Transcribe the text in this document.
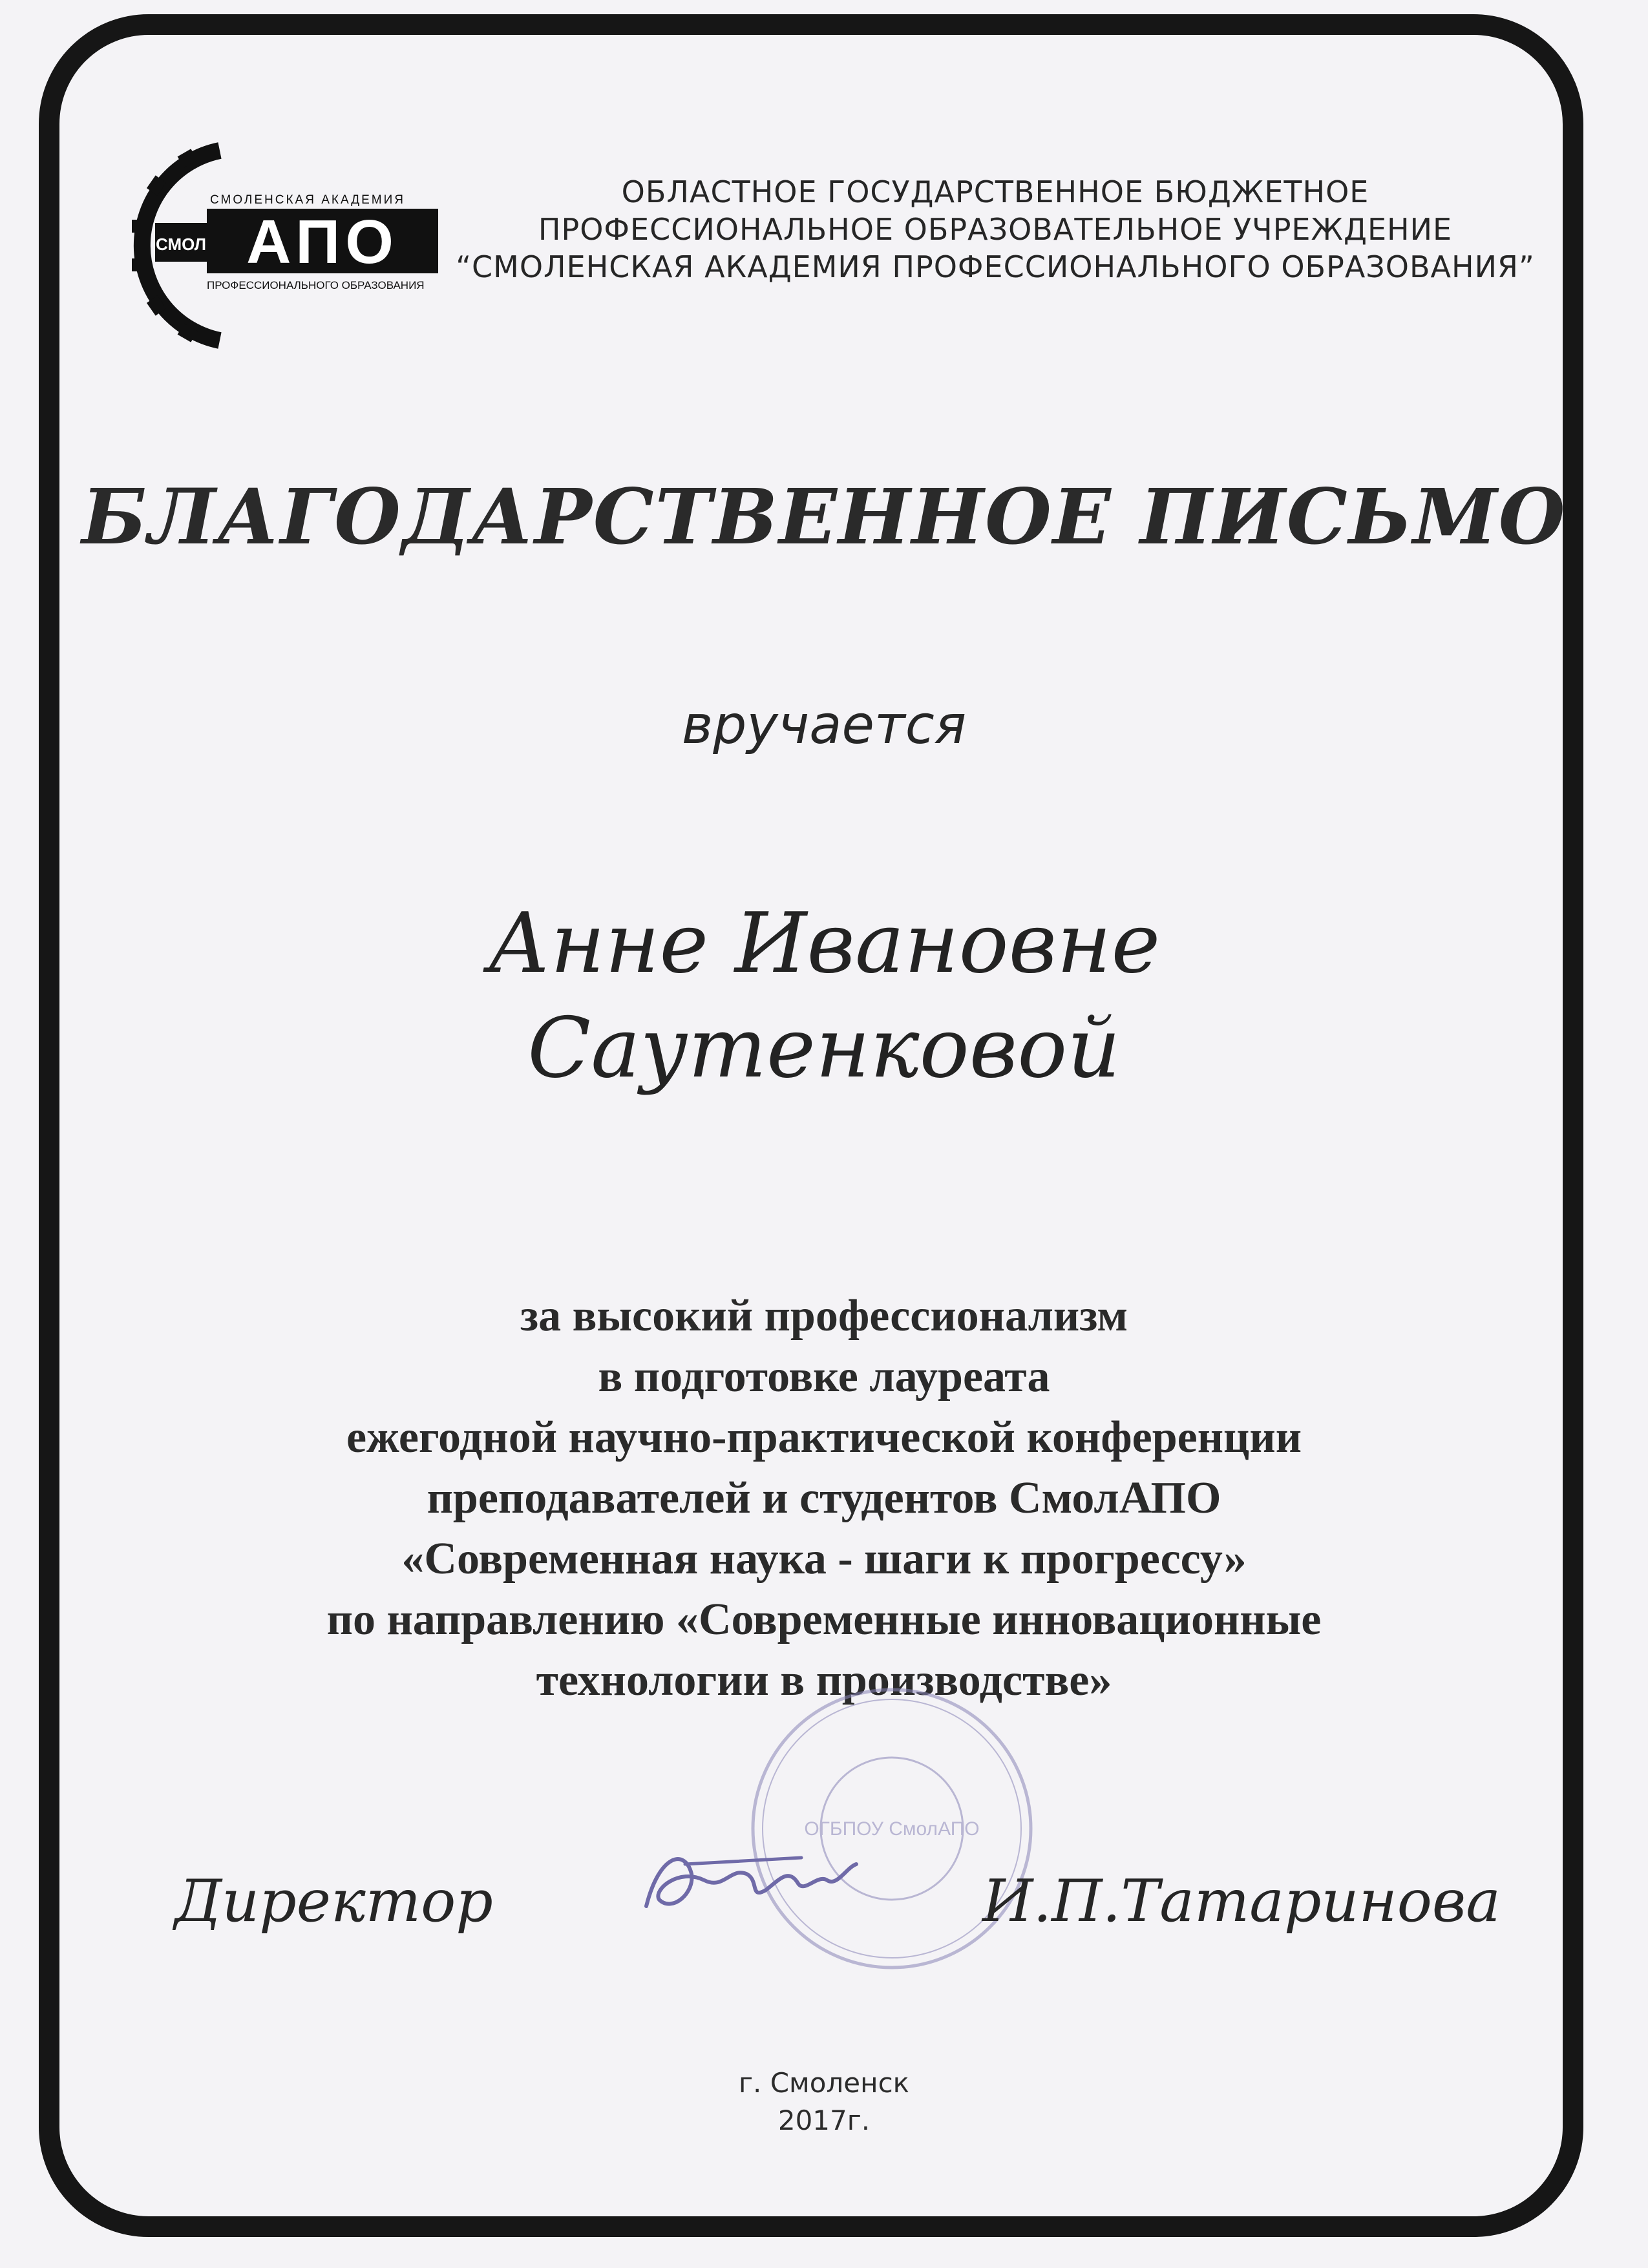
СМОЛЕНСКАЯ АКАДЕМИЯ
СМОЛ АПО
ПРОФЕССИОНАЛЬНОГО ОБРАЗОВАНИЯ
ОБЛАСТНОЕ ГОСУДАРСТВЕННОЕ БЮДЖЕТНОЕ
ПРОФЕССИОНАЛЬНОЕ ОБРАЗОВАТЕЛЬНОЕ УЧРЕЖДЕНИЕ
“СМОЛЕНСКАЯ АКАДЕМИЯ ПРОФЕССИОНАЛЬНОГО ОБРАЗОВАНИЯ”
БЛАГОДАРСТВЕННОЕ ПИСЬМО
вручается
Анне Ивановне
Саутенковой
за высокий профессионализм
в подготовке лауреата
ежегодной научно-практической конференции
преподавателей и студентов СмолАПО
«Современная наука - шаги к прогрессу»
по направлению «Современные инновационные
технологии в производстве»
ОГБПОУ СмолАПО
Директор	И.П.Татаринова
г. Смоленск
2017г.
